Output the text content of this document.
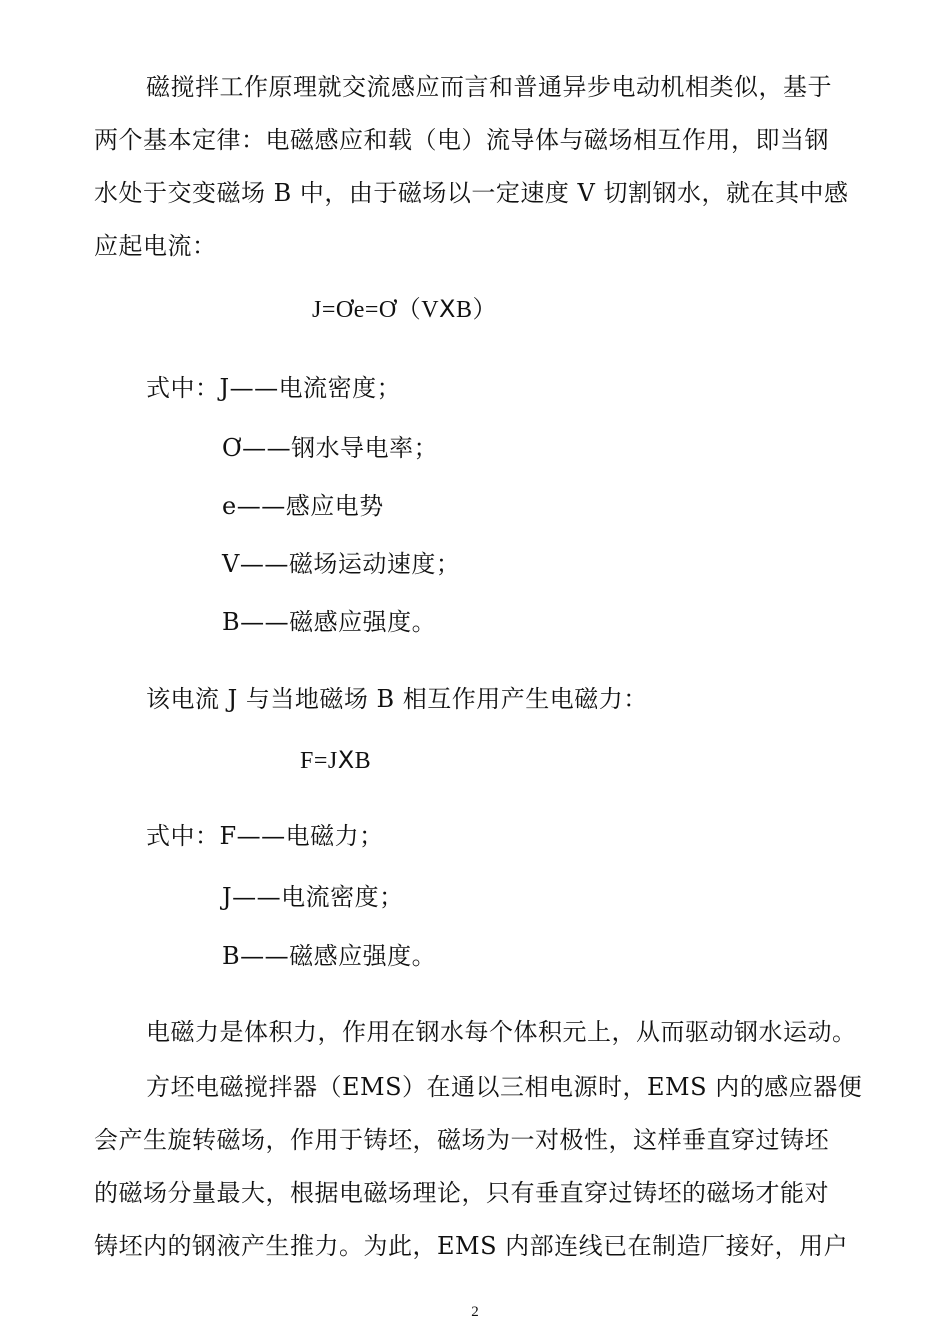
磁搅拌工作原理就交流感应而言和普通异步电动机相类似，基于
两个基本定律：电磁感应和载（电）流导体与磁场相互作用，即当钢
水处于交变磁场 B 中，由于磁场以一定速度 V 切割钢水，就在其中感
应起电流：
J=Ơe=Ơ（VⅩB）
式中：J——电流密度；
Ơ——钢水导电率；
e——感应电势
V——磁场运动速度；
B——磁感应强度。
该电流 J 与当地磁场 B 相互作用产生电磁力：
F=JⅩB
式中：F——电磁力；
J——电流密度；
B——磁感应强度。
电磁力是体积力，作用在钢水每个体积元上，从而驱动钢水运动。
方坯电磁搅拌器（EMS）在通以三相电源时，EMS 内的感应器便
会产生旋转磁场，作用于铸坯，磁场为一对极性，这样垂直穿过铸坯
的磁场分量最大，根据电磁场理论，只有垂直穿过铸坯的磁场才能对
铸坯内的钢液产生推力。为此，EMS 内部连线已在制造厂接好，用户
2
